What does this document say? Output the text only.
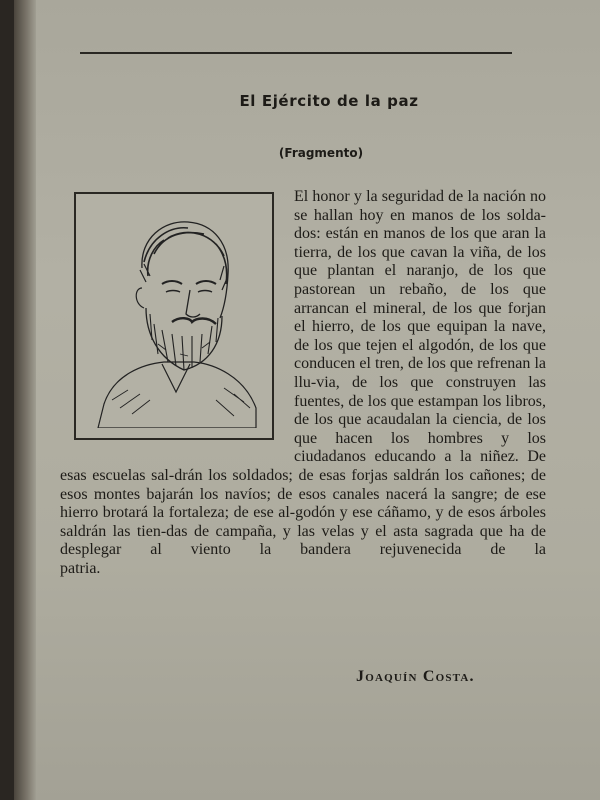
El Ejército de la paz
(Fragmento)

El honor y la seguridad de la nación no se hallan hoy en manos de los solda-dos: están en manos de los que aran la tierra, de los que cavan la viña, de los que plantan el naranjo, de los que pastorean un rebaño, de los que arrancan el mineral, de los que forjan el hierro, de los que equipan la nave, de los que tejen el algodón, de los que conducen el tren, de los que refrenan la llu-via, de los que construyen las fuentes, de los que estampan los libros, de los que acaudalan la ciencia, de los que hacen los hombres y los ciudadanos educando a la niñez. De esas escuelas sal-drán los soldados; de esas forjas saldrán los cañones; de esos montes bajarán los navíos; de esos canales nacerá la sangre; de ese hierro brotará la fortaleza; de ese al-godón y ese cáñamo, y de esos árboles saldrán las tien-das de campaña, y las velas y el asta sagrada que ha de desplegar al viento la bandera rejuvenecida de la

patria.

Joaquín Costa.
